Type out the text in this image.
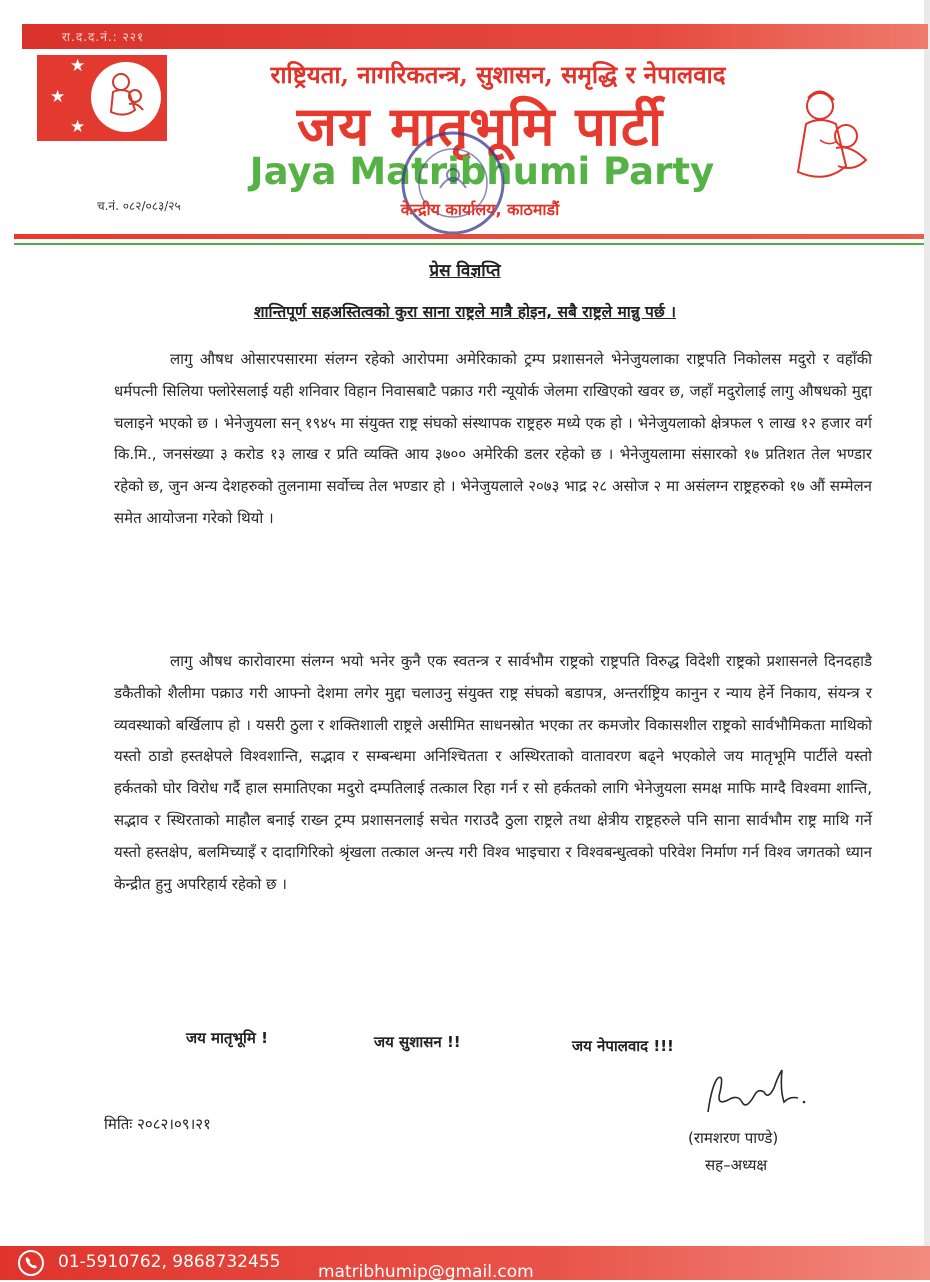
रा.द.द.नं.: २२१
★
★
★
राष्ट्रियता, नागरिकतन्त्र, सुशासन, समृद्धि र नेपालवाद
जय मातृभूमि पार्टी
Jaya Matribhumi Party
केन्द्रीय कार्यालय, काठमाडौं
च.नं. ०८२/०८३/२५
प्रेस विज्ञप्ति
शान्तिपूर्ण सहअस्तित्वको कुरा साना राष्ट्रले मात्रै होइन, सबै राष्ट्रले मान्नु पर्छ ।

लागु औषध ओसारपसारमा संलग्न रहेको आरोपमा अमेरिकाको ट्रम्प प्रशासनले भेनेजुयलाका राष्ट्रपति निकोलस मदुरो र वहाँकी धर्मपत्नी सिलिया फ्लोरेसलाई यही शनिवार विहान निवासबाटै पक्राउ गरी न्यूयोर्क जेलमा राखिएको खवर छ, जहाँ मदुरोलाई लागु औषधको मुद्दा चलाइने भएको छ । भेनेजुयला सन् १९४५ मा संयुक्त राष्ट्र संघको संस्थापक राष्ट्रहरु मध्ये एक हो । भेनेजुयलाको क्षेत्रफल ९ लाख १२ हजार वर्ग कि.मि., जनसंख्या ३ करोड १३ लाख र प्रति व्यक्ति आय ३७०० अमेरिकी डलर रहेको छ । भेनेजुयलामा संसारको १७ प्रतिशत तेल भण्डार रहेको छ, जुन अन्य देशहरुको तुलनामा सर्वोच्च तेल भण्डार हो । भेनेजुयलाले २०७३ भाद्र २८ असोज २ मा असंलग्न राष्ट्रहरुको १७ औं सम्मेलन समेत आयोजना गरेको थियो ।

लागु औषध कारोवारमा संलग्न भयो भनेर कुनै एक स्वतन्त्र र सार्वभौम राष्ट्रको राष्ट्रपति विरुद्ध विदेशी राष्ट्रको प्रशासनले दिनदहाडै डकैतीको शैलीमा पक्राउ गरी आफ्नो देशमा लगेर मुद्दा चलाउनु संयुक्त राष्ट्र संघको बडापत्र, अन्तर्राष्ट्रिय कानुन र न्याय हेर्ने निकाय, संयन्त्र र व्यवस्थाको बर्खिलाप हो । यसरी ठुला र शक्तिशाली राष्ट्रले असीमित साधनस्रोत भएका तर कमजोर विकासशील राष्ट्रको सार्वभौमिकता माथिको यस्तो ठाडो हस्तक्षेपले विश्वशान्ति, सद्भाव र सम्बन्धमा अनिश्चितता र अस्थिरताको वातावरण बढ्ने भएकोले जय मातृभूमि पार्टीले यस्तो हर्कतको घोर विरोध गर्दै हाल समातिएका मदुरो दम्पतिलाई तत्काल रिहा गर्न र सो हर्कतको लागि भेनेजुयला समक्ष माफि माग्दै विश्वमा शान्ति, सद्भाव र स्थिरताको माहौल बनाई राख्न ट्रम्प प्रशासनलाई सचेत गराउदै ठुला राष्ट्रले तथा क्षेत्रीय राष्ट्रहरुले पनि साना सार्वभौम राष्ट्र माथि गर्ने यस्तो हस्तक्षेप, बलमिच्याइँ र दादागिरिको श्रृंखला तत्काल अन्त्य गरी विश्व भाइचारा र विश्वबन्धुत्वको परिवेश निर्माण गर्न विश्व जगतको ध्यान केन्द्रीत हुनु अपरिहार्य रहेको छ ।

जय मातृभूमि !	जय सुशासन !!	जय नेपालवाद !!!
मितिः २०८२।०९।२१
(रामशरण पाण्डे)
सह–अध्यक्ष
01-5910762, 9868732455 matribhumip@gmail.com
